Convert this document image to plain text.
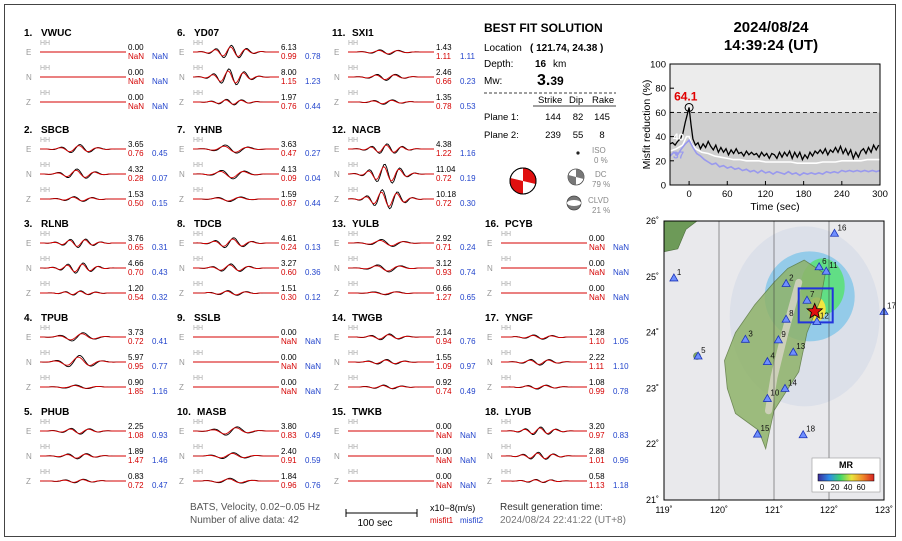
1. VWUC
E
HH	0.00
NaN NaN
N
HH	0.00
NaN NaN
Z
HH	0.00
NaN NaN
2. SBCB
E
HH	3.65
0.76 0.45
N
HH	4.32
0.28 0.07
Z
HH	1.53
0.50 0.15
3. RLNB
E
HH	3.76
0.65 0.31
N
HH	4.66
0.70 0.43
Z
HH	1.20
0.54 0.32
4. TPUB
E
HH	3.73
0.72 0.41
N
HH	5.97
0.95 0.77
Z
HH	0.90
1.85 1.16
5. PHUB
E
HH	2.25
1.08 0.93
N
HH	1.89
1.47 1.46
Z
HH	0.83
0.72 0.47
6. YD07
E
HH	6.13
0.99 0.78
N
HH	8.00
1.15 1.23
Z
HH	1.97
0.76 0.44
7. YHNB
E
HH	3.63
0.47 0.27
N
HH	4.13
0.09 0.04
Z
HH	1.59
0.87 0.44
8. TDCB
E
HH	4.61
0.24 0.13
N
HH	3.27
0.60 0.36
Z
HH	1.51
0.30 0.12
9. SSLB
E
HH	0.00
NaN NaN
N
HH	0.00
NaN NaN
Z
HH	0.00
NaN NaN
10. MASB
E
HH	3.80
0.83 0.49
N
HH	2.40
0.91 0.59
Z
HH	1.84
0.96 0.76
11. SXI1
E
HH	1.43
1.11 1.11
N
HH	2.46
0.66 0.23
Z
HH	1.35
0.78 0.53
12. NACB
E
HH	4.38
1.22 1.16
N
HH	11.04
0.72 0.19
Z
HH	10.18
0.72 0.30
13. YULB
E
HH	2.92
0.71 0.24
N
HH	3.12
0.93 0.74
Z
HH	0.66
1.27 0.65
14. TWGB
E
HH	2.14
0.94 0.76
N
HH	1.55
1.09 0.97
Z
HH	0.92
0.74 0.49
15. TWKB
E
HH	0.00
NaN NaN
N
HH	0.00
NaN NaN
Z
HH	0.00
NaN NaN
16. PCYB
E
HH	0.00
NaN NaN
N
HH	0.00
NaN NaN
Z
HH	0.00
NaN NaN
17. YNGF
E
HH	1.28
1.10 1.05
N
HH	2.22
1.11 1.10
Z
HH	1.08
0.99 0.78
18. LYUB
E
HH	3.20
0.97 0.83
N
HH	2.88
1.01 0.96
Z
HH	0.58
1.13 1.18
BATS, Velocity, 0.02~0.05 Hz
Number of alive data: 42	100 sec
x10−8(m/s)
misfit1 misfit2
Result generation time:
2024/08/24 22:41:22 (UT+8)
BEST FIT SOLUTION
Location ( 121.74, 24.38 )
Depth: 16 km
Mw: 3.39
Strike Dip Rake
Plane 1:	144 82 145
Plane 2:	239 55 8
ISO
0 %
DC
79 %
CLVD
21 %
2024/08/24
14:39:24 (UT)
64.1
40
37
0
20
40
60
80
100
0	60	120 180 240 300
Time (sec)
Misfit reduction (%)
1
2
3
4
5
6
7
8
9
10
11
12
13
14
15
16
17
18
MR
0 20 40 60
119˚	120˚	121˚	122˚	123˚
26˚
25˚
24˚
23˚
22˚
21˚
